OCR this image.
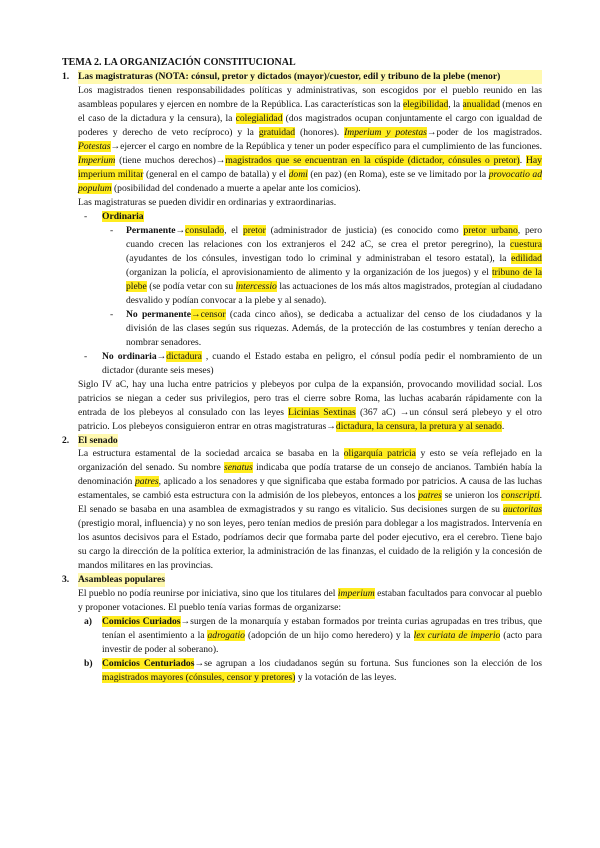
TEMA 2. LA ORGANIZACIÓN CONSTITUCIONAL
1. Las magistraturas (NOTA: cónsul, pretor y dictados (mayor)/cuestor, edil y tribuno de la plebe (menor)

Los magistrados tienen responsabilidades políticas y administrativas, son escogidos por el pueblo reunido en las asambleas populares y ejercen en nombre de la República. Las características son la elegibilidad, la anualidad (menos en el caso de la dictadura y la censura), la colegialidad (dos magistrados ocupan conjuntamente el cargo con igualdad de poderes y derecho de veto recíproco) y la gratuidad (honores). Imperium y potestas→poder de los magistrados. Potestas→ejercer el cargo en nombre de la República y tener un poder específico para el cumplimiento de las funciones. Imperium (tiene muchos derechos)→magistrados que se encuentran en la cúspide (dictador, cónsules o pretor). Hay imperium militar (general en el campo de batalla) y el domi (en paz) (en Roma), este se ve limitado por la provocatio ad populum (posibilidad del condenado a muerte a apelar ante los comicios).

Las magistraturas se pueden dividir en ordinarias y extraordinarias.

- Ordinaria
- Permanente→consulado, el pretor (administrador de justicia) (es conocido como pretor urbano, pero cuando crecen las relaciones con los extranjeros el 242 aC, se crea el pretor peregrino), la cuestura (ayudantes de los cónsules, investigan todo lo criminal y administraban el tesoro estatal), la edilidad (organizan la policía, el aprovisionamiento de alimento y la organización de los juegos) y el tribuno de la plebe (se podía vetar con su intercessio las actuaciones de los más altos magistrados, protegían al ciudadano desvalido y podían convocar a la plebe y al senado).
- No permanente→censor (cada cinco años), se dedicaba a actualizar del censo de los ciudadanos y la división de las clases según sus riquezas. Además, de la protección de las costumbres y tenían derecho a nombrar senadores.
- No ordinaria→dictadura , cuando el Estado estaba en peligro, el cónsul podía pedir el nombramiento de un dictador (durante seis meses)

Siglo IV aC, hay una lucha entre patricios y plebeyos por culpa de la expansión, provocando movilidad social. Los patricios se niegan a ceder sus privilegios, pero tras el cierre sobre Roma, las luchas acabarán rápidamente con la entrada de los plebeyos al consulado con las leyes Licinias Sextinas (367 aC) →un cónsul será plebeyo y el otro patricio. Los plebeyos consiguieron entrar en otras magistraturas→dictadura, la censura, la pretura y al senado.

2. El senado

La estructura estamental de la sociedad arcaica se basaba en la oligarquía patricia y esto se veía reflejado en la organización del senado. Su nombre senatus indicaba que podía tratarse de un consejo de ancianos. También había la denominación patres, aplicado a los senadores y que significaba que estaba formado por patricios. A causa de las luchas estamentales, se cambió esta estructura con la admisión de los plebeyos, entonces a los patres se unieron los conscripti. El senado se basaba en una asamblea de exmagistrados y su rango es vitalicio. Sus decisiones surgen de su auctoritas (prestigio moral, influencia) y no son leyes, pero tenían medios de presión para doblegar a los magistrados. Intervenía en los asuntos decisivos para el Estado, podríamos decir que formaba parte del poder ejecutivo, era el cerebro. Tiene bajo su cargo la dirección de la política exterior, la administración de las finanzas, el cuidado de la religión y la concesión de mandos militares en las provincias.

3. Asambleas populares

El pueblo no podía reunirse por iniciativa, sino que los titulares del imperium estaban facultados para convocar al pueblo y proponer votaciones. El pueblo tenía varias formas de organizarse:

a) Comicios Curiados→surgen de la monarquía y estaban formados por treinta curias agrupadas en tres tribus, que tenían el asentimiento a la adrogatio (adopción de un hijo como heredero) y la lex curiata de imperio (acto para investir de poder al soberano).
b) Comicios Centuriados→se agrupan a los ciudadanos según su fortuna. Sus funciones son la elección de los magistrados mayores (cónsules, censor y pretores) y la votación de las leyes.
